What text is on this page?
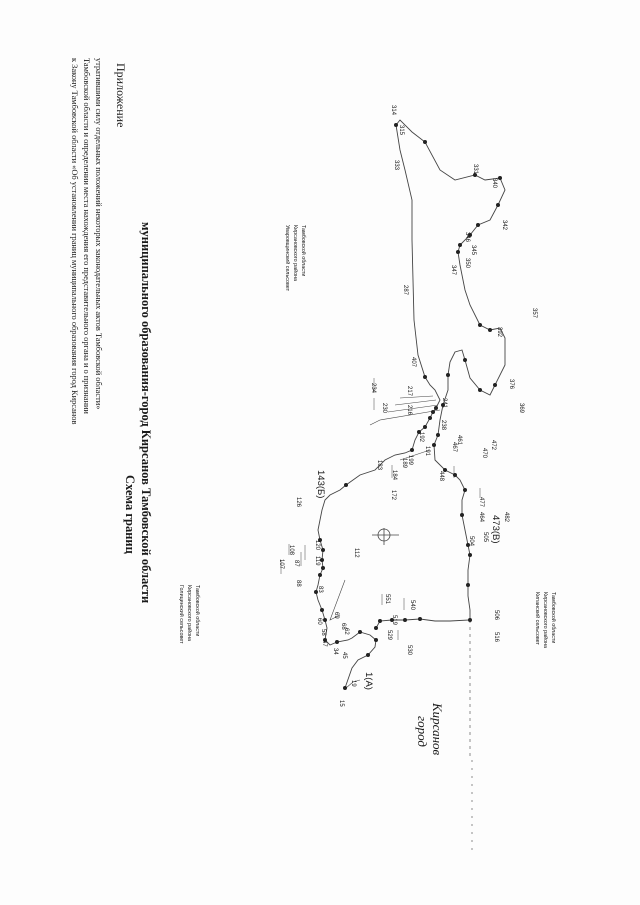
Приложение
к Закону Тамбовской области «Об установлении границ муниципального образования город Кирсанов Тамбовской области и определении места нахождения его представительного органа и о признании утратившими силу отдельных положений некоторых законодательных актов Тамбовской области»
Схема границ муниципального образования-город Кирсанов Тамбовской области	Уваровщинский сельсовет Кирсановского района Тамбовской области
Голицинский сельсовет Кирсановского района Тамбовской области	Кипанский сельсовет Кирсановского района Тамбовской области
город Кирсанов
15
19
34
45
47
58
60
62
68
69
83
87
88
107
108	112
119
120
126
172
183
184
189
191
192
199
216
217
230
234
238
241
287
314
315
331
333
340
342
345
346
347
350
357
369
376
392
407
448
461
464
467
470
472
477
482
504 505
506
516
519
529
530
540
551
1(А)
143(Б)
473(В)
